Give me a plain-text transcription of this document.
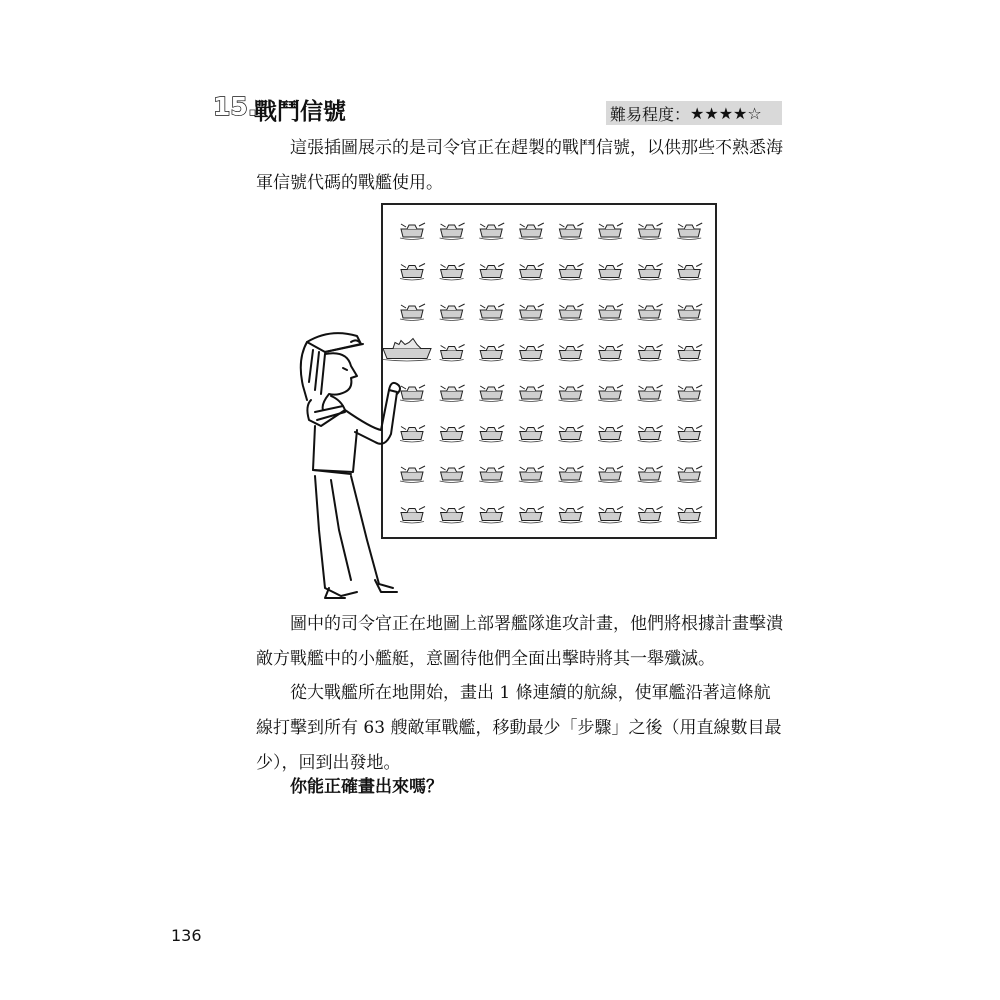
15.
戰鬥信號	難易程度： ★★★★☆
這張插圖展示的是司令官正在趕製的戰鬥信號，以供那些不熟悉海軍信號代碼的戰艦使用。
圖中的司令官正在地圖上部署艦隊進攻計畫，他們將根據計畫擊潰敵方戰艦中的小艦艇，意圖待他們全面出擊時將其一舉殲滅。
從大戰艦所在地開始，畫出 1 條連續的航線，使軍艦沿著這條航線打擊到所有 63 艘敵軍戰艦，移動最少「步驟」之後（用直線數目最少），回到出發地。
你能正確畫出來嗎？
136
